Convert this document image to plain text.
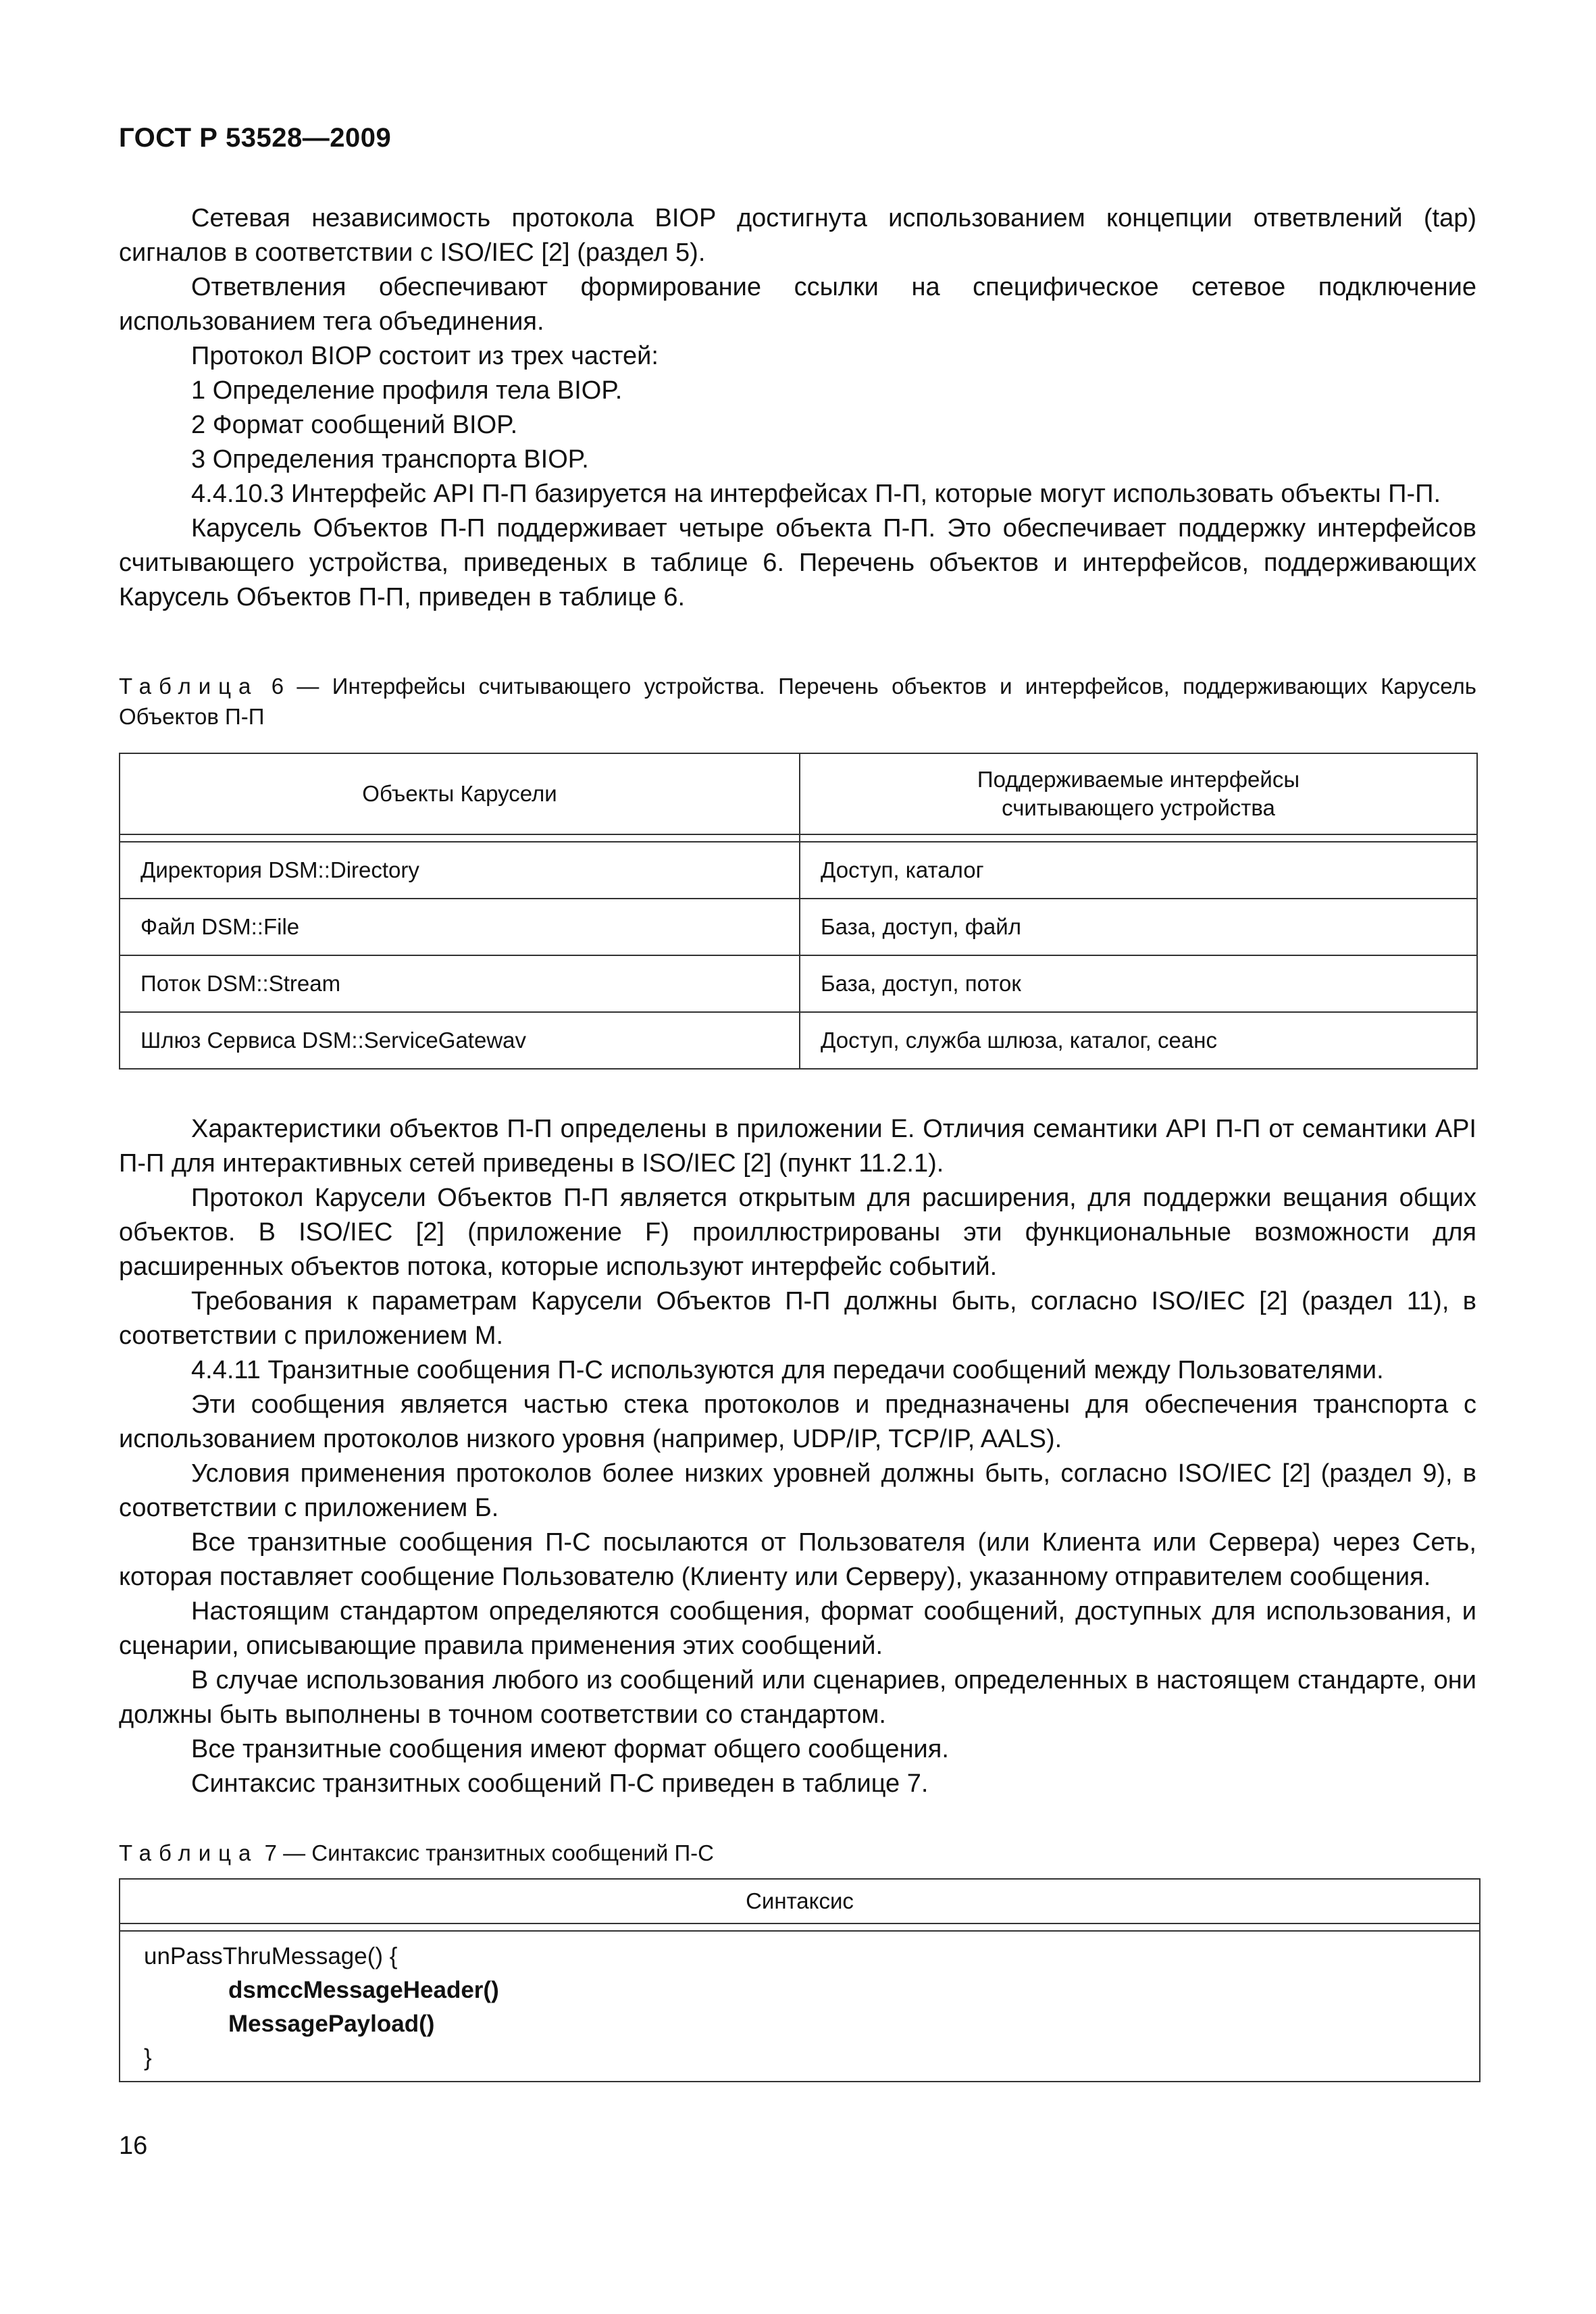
ГОСТ Р 53528—2009

Сетевая независимость протокола BIOP достигнута использованием концепции ответвлений (tap) сигналов в соответствии с ISO/IEC [2] (раздел 5).

Ответвления обеспечивают формирование ссылки на специфическое сетевое подключение использованием тега объединения.

Протокол BIOP состоит из трех частей:

1 Определение профиля тела BIOP.

2 Формат сообщений BIOP.

3 Определения транспорта BIOP.

4.4.10.3 Интерфейс API П-П базируется на интерфейсах П-П, которые могут использовать объекты П-П.

Карусель Объектов П-П поддерживает четыре объекта П-П. Это обеспечивает поддержку интерфейсов считывающего устройства, приведеных в таблице 6. Перечень объектов и интерфейсов, поддерживающих Карусель Объектов П-П, приведен в таблице 6.

Таблица 6 — Интерфейсы считывающего устройства. Перечень объектов и интерфейсов, поддерживающих Карусель Объектов П-П
Объекты Карусели	Поддерживаемые интерфейсы считывающего устройства

Директория DSM::Directory	Доступ, каталог
Файл DSM::File	База, доступ, файл
Поток DSM::Stream	База, доступ, поток
Шлюз Сервиса DSM::ServiceGatewav	Доступ, служба шлюза, каталог, сеанс

Характеристики объектов П-П определены в приложении Е. Отличия семантики API П-П от семантики API П-П для интерактивных сетей приведены в ISO/IEC [2] (пункт 11.2.1).

Протокол Карусели Объектов П-П является открытым для расширения, для поддержки вещания общих объектов. В ISO/IEC [2] (приложение F) проиллюстрированы эти функциональные возможности для расширенных объектов потока, которые используют интерфейс событий.

Требования к параметрам Карусели Объектов П-П должны быть, согласно ISO/IEC [2] (раздел 11), в соответствии с приложением М.

4.4.11 Транзитные сообщения П-С используются для передачи сообщений между Пользователями.

Эти сообщения является частью стека протоколов и предназначены для обеспечения транспорта с использованием протоколов низкого уровня (например, UDP/IP, TCP/IP, AALS).

Условия применения протоколов более низких уровней должны быть, согласно ISO/IEC [2] (раздел 9), в соответствии с приложением Б.

Все транзитные сообщения П-С посылаются от Пользователя (или Клиента или Сервера) через Сеть, которая поставляет сообщение Пользователю (Клиенту или Серверу), указанному отправителем сообщения.

Настоящим стандартом определяются сообщения, формат сообщений, доступных для использования, и сценарии, описывающие правила применения этих сообщений.

В случае использования любого из сообщений или сценариев, определенных в настоящем стандарте, они должны быть выполнены в точном соответствии со стандартом.

Все транзитные сообщения имеют формат общего сообщения.

Синтаксис транзитных сообщений П-С приведен в таблице 7.

Таблица 7 — Синтаксис транзитных сообщений П-С
Синтаксис
unPassThruMessage() {
dsmccMessageHeader()
MessagePayload()
}
16
